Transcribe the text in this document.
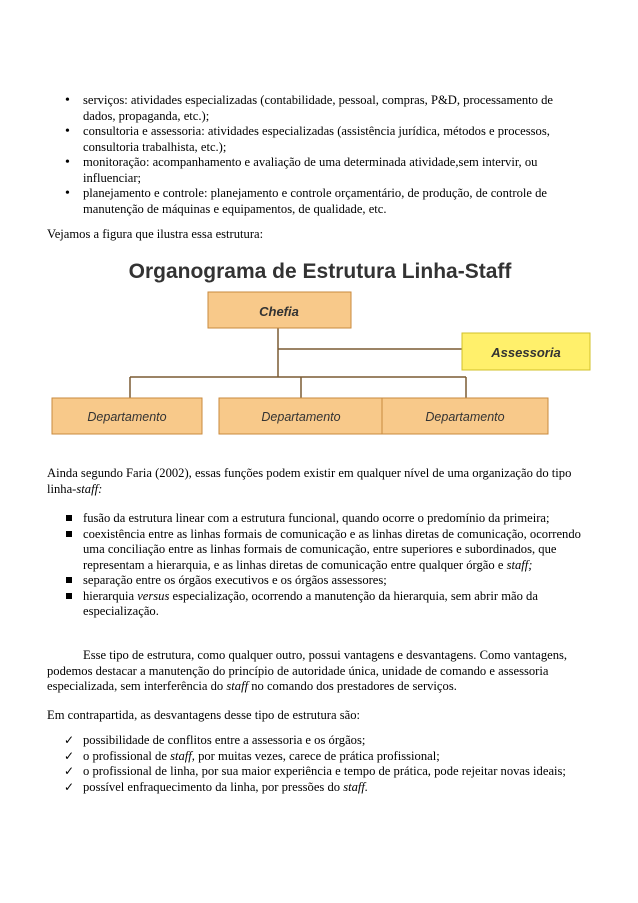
• serviços: atividades especializadas (contabilidade, pessoal, compras, P&D, processamento de dados, propaganda, etc.);
• consultoria e assessoria: atividades especializadas (assistência jurídica, métodos e processos, consultoria trabalhista, etc.);
• monitoração: acompanhamento e avaliação de uma determinada atividade,sem intervir, ou influenciar;
• planejamento e controle: planejamento e controle orçamentário, de produção, de controle de manutenção de máquinas e equipamentos, de qualidade, etc.
Vejamos a figura que ilustra essa estrutura:
Organograma de Estrutura Linha-Staff
Chefia
Assessoria
Departamento	Departamento	Departamento
Ainda segundo Faria (2002), essas funções podem existir em qualquer nível de uma organização do tipo linha-staff:
fusão da estrutura linear com a estrutura funcional, quando ocorre o predomínio da primeira;
coexistência entre as linhas formais de comunicação e as linhas diretas de comunicação, ocorrendo uma conciliação entre as linhas formais de comunicação, entre superiores e subordinados, que representam a hierarquia, e as linhas diretas de comunicação entre qualquer órgão e staff;
separação entre os órgãos executivos e os órgãos assessores;
hierarquia versus especialização, ocorrendo a manutenção da hierarquia, sem abrir mão da especialização.
Esse tipo de estrutura, como qualquer outro, possui vantagens e desvantagens. Como vantagens, podemos destacar a manutenção do princípio de autoridade única, unidade de comando e assessoria especializada, sem interferência do staff no comando dos prestadores de serviços.
Em contrapartida, as desvantagens desse tipo de estrutura são:
✓ possibilidade de conflitos entre a assessoria e os órgãos;
✓ o profissional de staff, por muitas vezes, carece de prática profissional;
✓ o profissional de linha, por sua maior experiência e tempo de prática, pode rejeitar novas ideais;
✓ possível enfraquecimento da linha, por pressões do staff.
